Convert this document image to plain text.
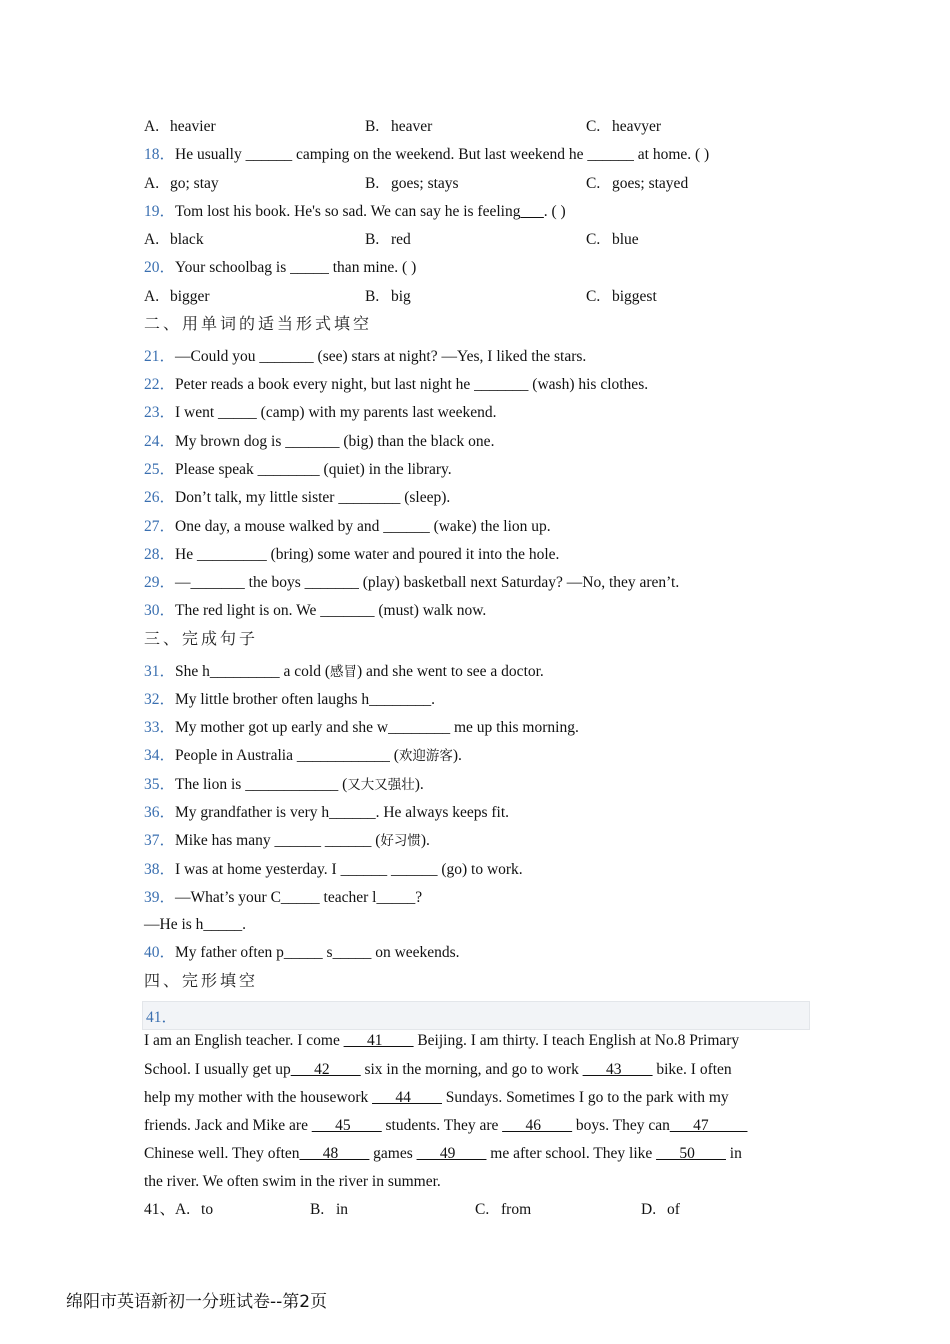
A. heavier	B. heaver	C. heavyer
18．He usually ______ camping on the weekend. But last weekend he ______ at home. ( )
A. go; stay	B. goes; stays	C. goes; stayed
19．Tom lost his book. He's so sad. We can say he is feeling___. ( )
A. black	B. red	C. blue
20．Your schoolbag is _____ than mine. ( )
A. bigger	B. big	C. biggest
二、用单词的适当形式填空
21．—Could you _______ (see) stars at night? —Yes, I liked the stars.
22．Peter reads a book every night, but last night he _______ (wash) his clothes.
23．I went _____ (camp) with my parents last weekend.
24．My brown dog is _______ (big) than the black one.
25．Please speak ________ (quiet) in the library.
26．Don’t talk, my little sister ________ (sleep).
27．One day, a mouse walked by and ______ (wake) the lion up.
28．He _________ (bring) some water and poured it into the hole.
29．—_______ the boys _______ (play) basketball next Saturday? —No, they aren’t.
30．The red light is on. We _______ (must) walk now.
三、完成句子
31．She h_________ a cold (感冒) and she went to see a doctor.
32．My little brother often laughs h________.
33．My mother got up early and she w________ me up this morning.
34．People in Australia ____________ (欢迎游客).
35．The lion is ____________ (又大又强壮).
36．My grandfather is very h______. He always keeps fit.
37．Mike has many ______ ______ (好习惯).
38．I was at home yesterday. I ______ ______ (go) to work.
39．—What’s your C_____ teacher l_____?
—He is h_____.
40．My father often p_____ s_____ on weekends.
四、完形填空
41．
I am an English teacher. I come ___41____ Beijing. I am thirty. I teach English at No.8 Primary
School. I usually get up___42____ six in the morning, and go to work ___43____ bike. I often
help my mother with the housework ___44____ Sundays. Sometimes I go to the park with my
friends. Jack and Mike are ___45____ students. They are ___46____ boys. They can___47_____
Chinese well. They often___48____ games ___49____ me after school. They like ___50____ in
the river. We often swim in the river in summer.
41、A. to	B. in	C. from	D. of
绵阳市英语新初一分班试卷--第2页
